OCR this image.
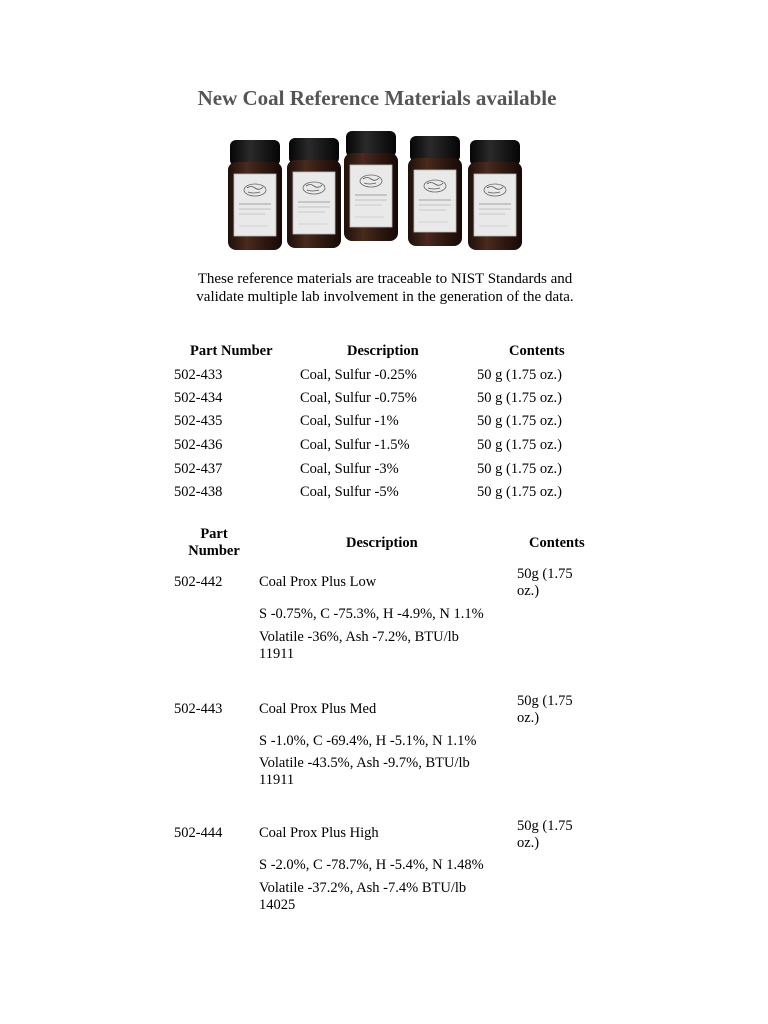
New Coal Reference Materials available
These reference materials are traceable to NIST Standards and
validate multiple lab involvement in the generation of the data.
Part Number	Description	Contents
502-433	Coal, Sulfur -0.25%	50 g (1.75 oz.)
502-434	Coal, Sulfur -0.75%	50 g (1.75 oz.)
502-435	Coal, Sulfur -1%	50 g (1.75 oz.)
502-436	Coal, Sulfur -1.5%	50 g (1.75 oz.)
502-437	Coal, Sulfur -3%	50 g (1.75 oz.)
502-438	Coal, Sulfur -5%	50 g (1.75 oz.)
Part
Number	Description	Contents
502-442	Coal Prox Plus Low	50g (1.75
oz.)
S -0.75%, C -75.3%, H -4.9%, N 1.1%
Volatile -36%, Ash -7.2%, BTU/lb
11911
502-443	Coal Prox Plus Med	50g (1.75
oz.)
S -1.0%, C -69.4%, H -5.1%, N 1.1%
Volatile -43.5%, Ash -9.7%, BTU/lb
11911
502-444	Coal Prox Plus High	50g (1.75
oz.)
S -2.0%, C -78.7%, H -5.4%, N 1.48%
Volatile -37.2%, Ash -7.4% BTU/lb
14025
